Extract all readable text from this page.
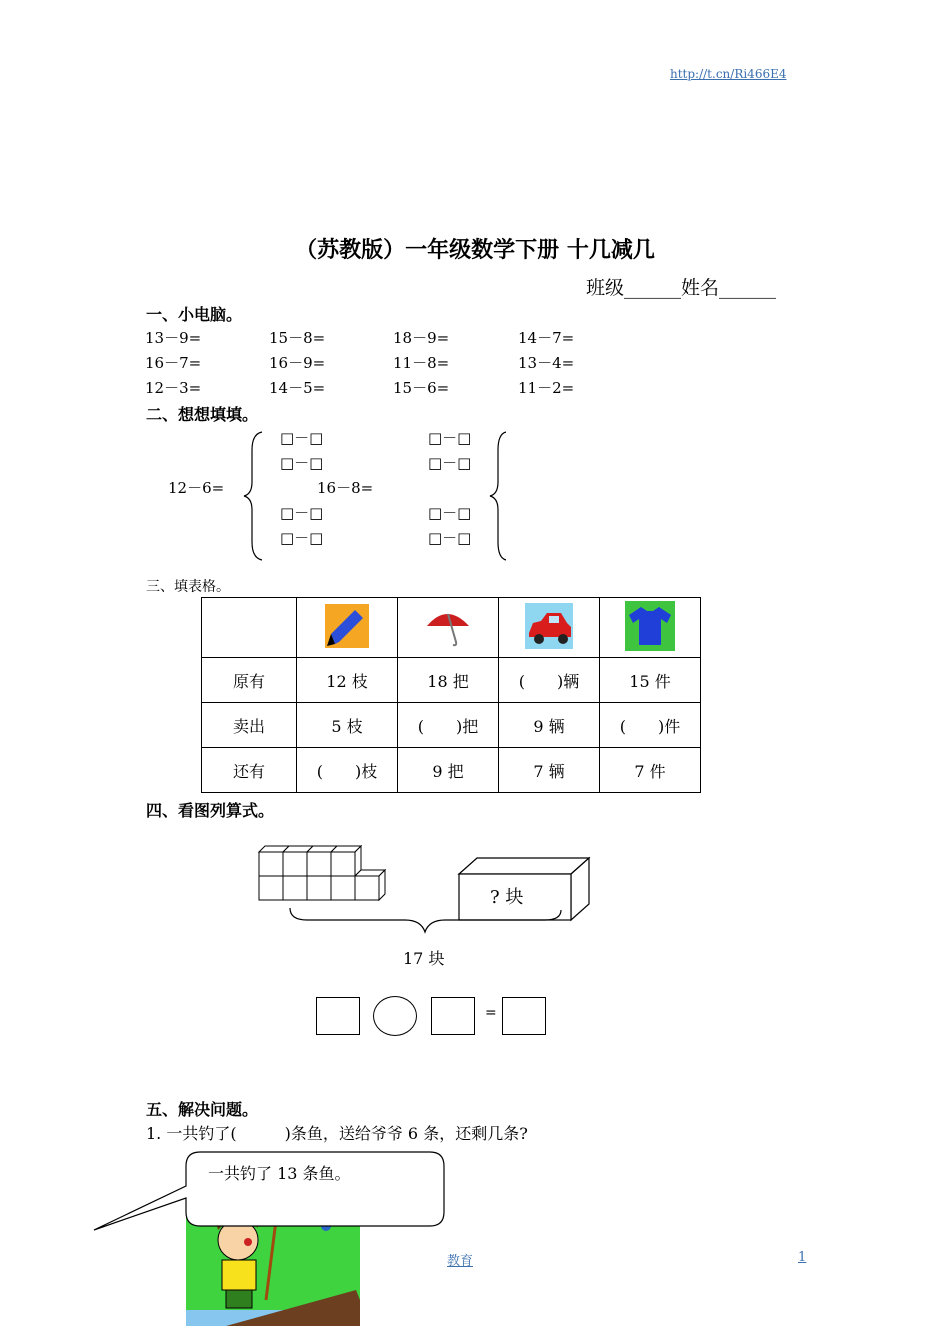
http://t.cn/Ri466E4
（苏教版）一年级数学下册 十几减几
班级______姓名______
一、小电脑。
13－9=	15－8=	18－9=	14－7=
16－7=	16－9=	11－8=	13－4=
12－3=	14－5=	15－6=	11－2=
二、想想填填。
12－6=
□－□
□－□
□－□
□－□
16－8=
□－□
□－□
□－□
□－□
三、填表格。

原有	12 枝	18 把	(　　)辆	15 件
卖出	5 枝	(　　)把	9 辆	(　　)件
还有	(　　)枝	9 把	7 辆	7 件
四、看图列算式。
? 块
17 块
=
五、解决问题。
1. 一共钓了(　　　)条鱼，送给爷爷 6 条，还剩几条?
一共钓了 13 条鱼。
教育	1
